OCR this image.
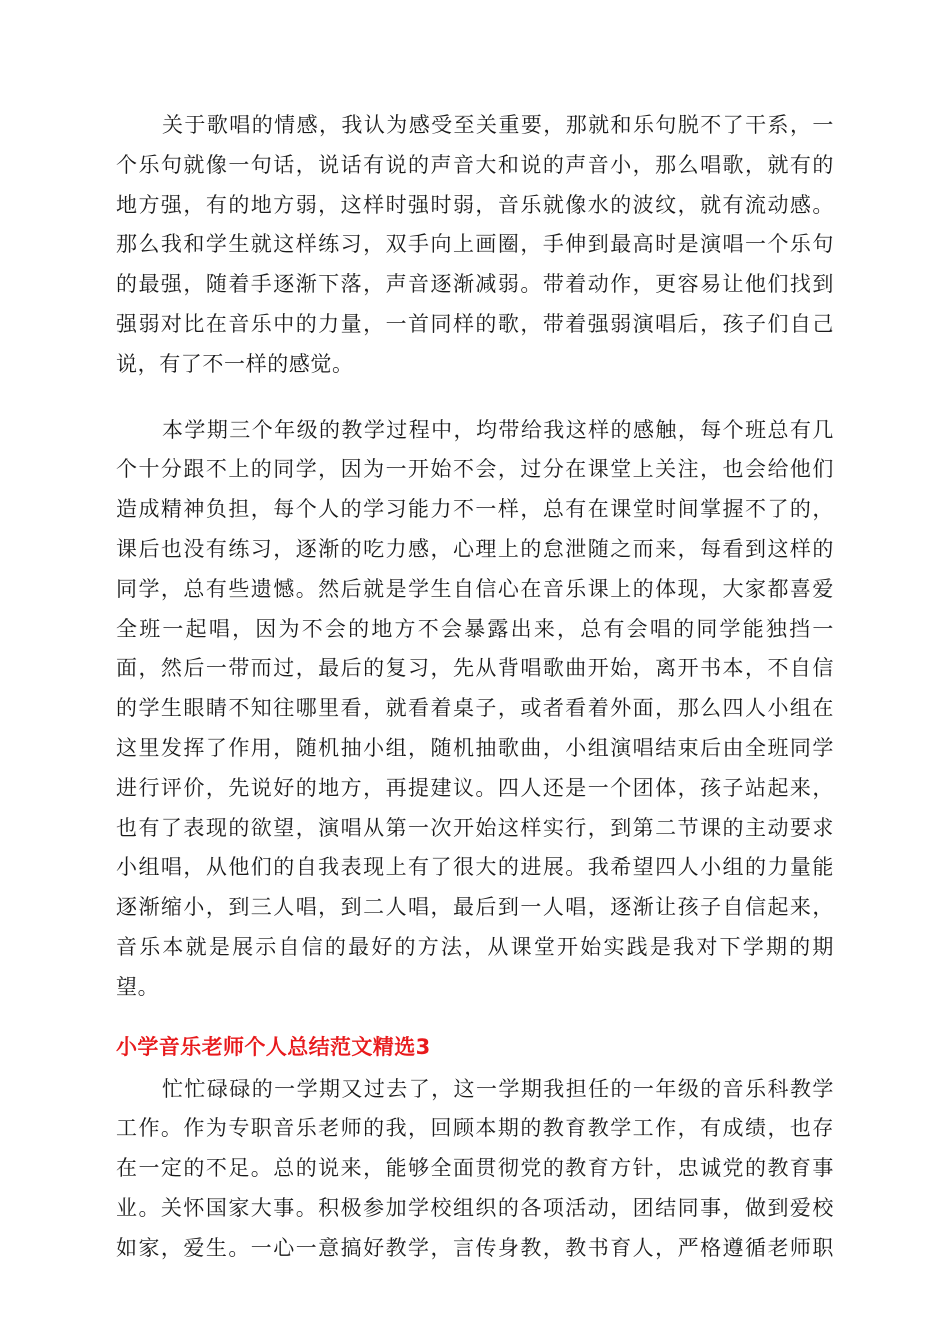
关于歌唱的情感，我认为感受至关重要，那就和乐句脱不了干系，一
个乐句就像一句话，说话有说的声音大和说的声音小，那么唱歌，就有的
地方强，有的地方弱，这样时强时弱，音乐就像水的波纹，就有流动感。
那么我和学生就这样练习，双手向上画圈，手伸到最高时是演唱一个乐句
的最强，随着手逐渐下落，声音逐渐减弱。带着动作，更容易让他们找到
强弱对比在音乐中的力量，一首同样的歌，带着强弱演唱后，孩子们自己
说，有了不一样的感觉。

本学期三个年级的教学过程中，均带给我这样的感触，每个班总有几
个十分跟不上的同学，因为一开始不会，过分在课堂上关注，也会给他们
造成精神负担，每个人的学习能力不一样，总有在课堂时间掌握不了的，
课后也没有练习，逐渐的吃力感，心理上的怠泄随之而来，每看到这样的
同学，总有些遗憾。然后就是学生自信心在音乐课上的体现，大家都喜爱
全班一起唱，因为不会的地方不会暴露出来，总有会唱的同学能独挡一
面，然后一带而过，最后的复习，先从背唱歌曲开始，离开书本，不自信
的学生眼睛不知往哪里看，就看着桌子，或者看着外面，那么四人小组在
这里发挥了作用，随机抽小组，随机抽歌曲，小组演唱结束后由全班同学
进行评价，先说好的地方，再提建议。四人还是一个团体，孩子站起来，
也有了表现的欲望，演唱从第一次开始这样实行，到第二节课的主动要求
小组唱，从他们的自我表现上有了很大的进展。我希望四人小组的力量能
逐渐缩小，到三人唱，到二人唱，最后到一人唱，逐渐让孩子自信起来，
音乐本就是展示自信的最好的方法，从课堂开始实践是我对下学期的期
望。

小学音乐老师个人总结范文精选3

忙忙碌碌的一学期又过去了，这一学期我担任的一年级的音乐科教学
工作。作为专职音乐老师的我，回顾本期的教育教学工作，有成绩，也存
在一定的不足。总的说来，能够全面贯彻党的教育方针，忠诚党的教育事
业。关怀国家大事。积极参加学校组织的各项活动，团结同事，做到爱校
如家，爱生。一心一意搞好教学，言传身教，教书育人，严格遵循老师职
